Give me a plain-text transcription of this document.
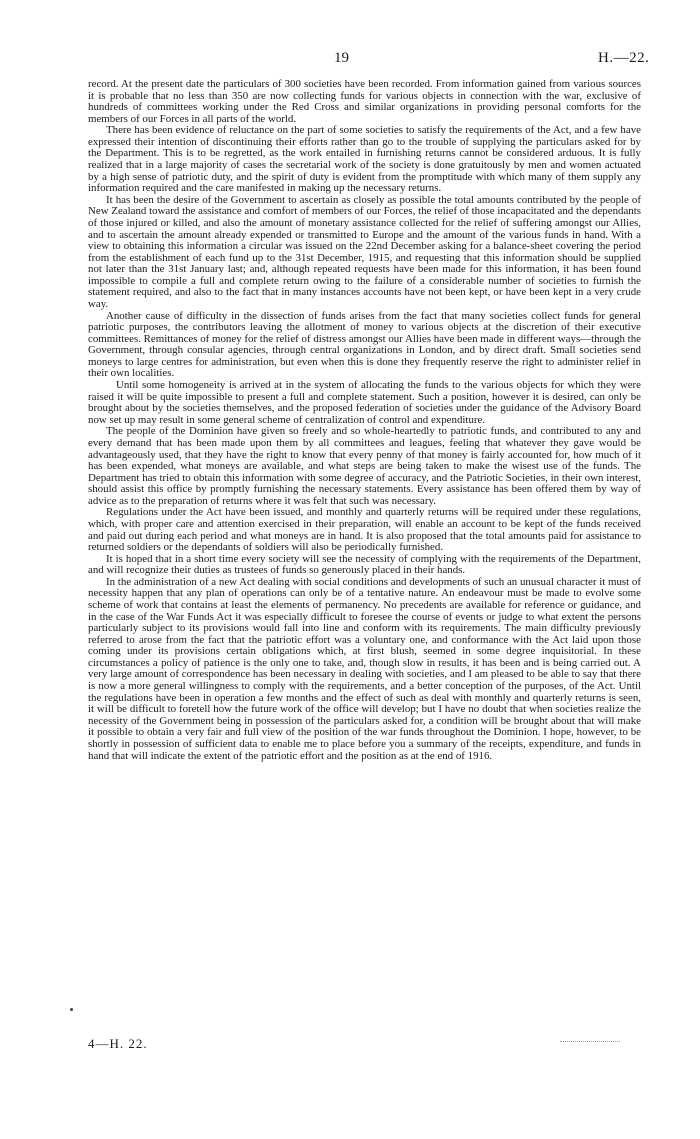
19	H.—22.

record. At the present date the particulars of 300 societies have been recorded. From information gained from various sources it is probable that no less than 350 are now collecting funds for various objects in connection with the war, exclusive of hundreds of committees working under the Red Cross and similar organizations in providing personal comforts for the members of our Forces in all parts of the world.

There has been evidence of reluctance on the part of some societies to satisfy the requirements of the Act, and a few have expressed their intention of discontinuing their efforts rather than go to the trouble of supplying the particulars asked for by the Department. This is to be regretted, as the work entailed in furnishing returns cannot be considered arduous. It is fully realized that in a large majority of cases the secretarial work of the society is done gratuitously by men and women actuated by a high sense of patriotic duty, and the spirit of duty is evident from the promptitude with which many of them supply any information required and the care manifested in making up the necessary returns.

It has been the desire of the Government to ascertain as closely as possible the total amounts contributed by the people of New Zealand toward the assistance and comfort of members of our Forces, the relief of those incapacitated and the dependants of those injured or killed, and also the amount of monetary assistance collected for the relief of suffering amongst our Allies, and to ascertain the amount already expended or transmitted to Europe and the amount of the various funds in hand. With a view to obtaining this information a circular was issued on the 22nd December asking for a balance-sheet covering the period from the establishment of each fund up to the 31st December, 1915, and requesting that this information should be supplied not later than the 31st January last; and, although repeated requests have been made for this information, it has been found impossible to compile a full and complete return owing to the failure of a considerable number of societies to furnish the statement required, and also to the fact that in many instances accounts have not been kept, or have been kept in a very crude way.

Another cause of difficulty in the dissection of funds arises from the fact that many societies collect funds for general patriotic purposes, the contributors leaving the allotment of money to various objects at the discretion of their executive committees. Remittances of money for the relief of distress amongst our Allies have been made in different ways—through the Government, through consular agencies, through central organizations in London, and by direct draft. Small societies send moneys to large centres for administration, but even when this is done they frequently reserve the right to administer relief in their own localities.

Until some homogeneity is arrived at in the system of allocating the funds to the various objects for which they were raised it will be quite impossible to present a full and complete statement. Such a position, however it is desired, can only be brought about by the societies themselves, and the proposed federation of societies under the guidance of the Advisory Board now set up may result in some general scheme of centralization of control and expenditure.

The people of the Dominion have given so freely and so whole-heartedly to patriotic funds, and contributed to any and every demand that has been made upon them by all committees and leagues, feeling that whatever they gave would be advantageously used, that they have the right to know that every penny of that money is fairly accounted for, how much of it has been expended, what moneys are available, and what steps are being taken to make the wisest use of the funds. The Department has tried to obtain this information with some degree of accuracy, and the Patriotic Societies, in their own interest, should assist this office by promptly furnishing the necessary statements. Every assistance has been offered them by way of advice as to the preparation of returns where it was felt that such was necessary.

Regulations under the Act have been issued, and monthly and quarterly returns will be required under these regulations, which, with proper care and attention exercised in their preparation, will enable an account to be kept of the funds received and paid out during each period and what moneys are in hand. It is also proposed that the total amounts paid for assistance to returned soldiers or the dependants of soldiers will also be periodically furnished.

It is hoped that in a short time every society will see the necessity of complying with the requirements of the Department, and will recognize their duties as trustees of funds so generously placed in their hands.

In the administration of a new Act dealing with social conditions and developments of such an unusual character it must of necessity happen that any plan of operations can only be of a tentative nature. An endeavour must be made to evolve some scheme of work that contains at least the elements of permanency. No precedents are available for reference or guidance, and in the case of the War Funds Act it was especially difficult to foresee the course of events or judge to what extent the persons particularly subject to its provisions would fall into line and conform with its requirements. The main difficulty previously referred to arose from the fact that the patriotic effort was a voluntary one, and conformance with the Act laid upon those coming under its provisions certain obligations which, at first blush, seemed in some degree inquisitorial. In these circumstances a policy of patience is the only one to take, and, though slow in results, it has been and is being carried out. A very large amount of correspondence has been necessary in dealing with societies, and I am pleased to be able to say that there is now a more general willingness to comply with the requirements, and a better conception of the purposes, of the Act. Until the regulations have been in operation a few months and the effect of such as deal with monthly and quarterly returns is seen, it will be difficult to foretell how the future work of the office will develop; but I have no doubt that when societies realize the necessity of the Government being in possession of the particulars asked for, a condition will be brought about that will make it possible to obtain a very fair and full view of the position of the war funds throughout the Dominion. I hope, however, to be shortly in possession of sufficient data to enable me to place before you a summary of the receipts, expenditure, and funds in hand that will indicate the extent of the patriotic effort and the position as at the end of 1916.

4—H. 22.
